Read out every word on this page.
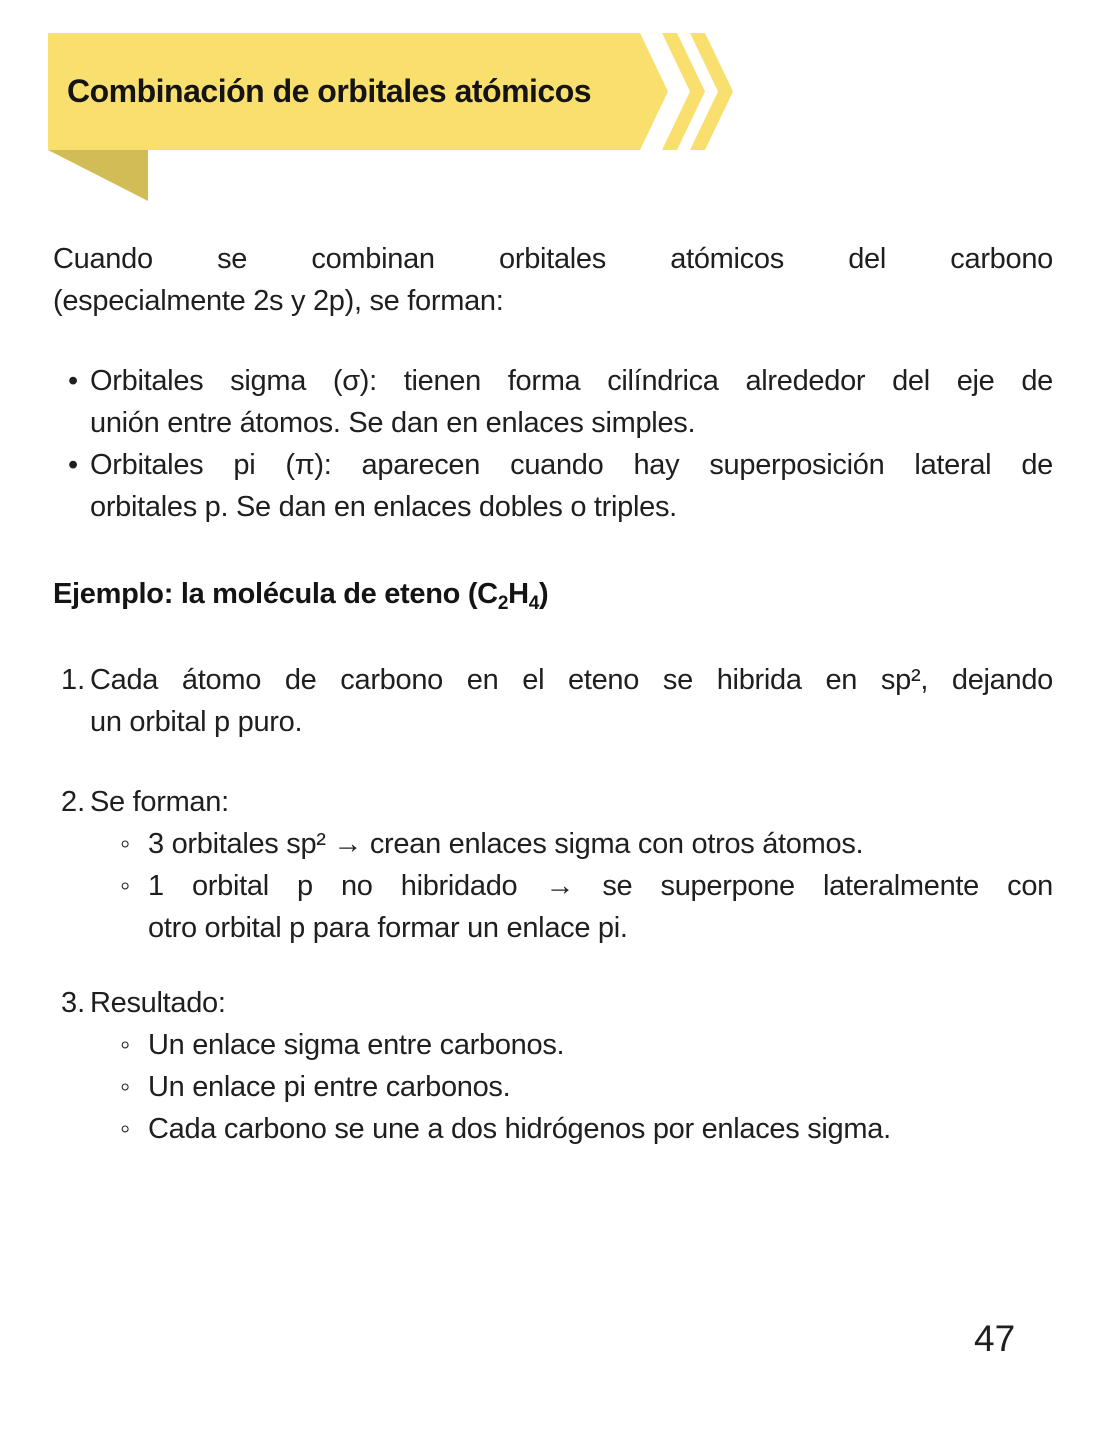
Combinación de orbitales atómicos
Cuando se combinan orbitales atómicos del carbono
(especialmente 2s y 2p), se forman:
• Orbitales sigma (σ): tienen forma cilíndrica alrededor del eje de
unión entre átomos. Se dan en enlaces simples.
• Orbitales pi (π): aparecen cuando hay superposición lateral de
orbitales p. Se dan en enlaces dobles o triples.
Ejemplo: la molécula de eteno $(C_2H_4)$
1. Cada átomo de carbono en el eteno se hibrida en sp², dejando
un orbital p puro.
2. Se forman:
◦ 3 orbitales sp² → crean enlaces sigma con otros átomos.
◦ 1 orbital p no hibridado → se superpone lateralmente con
otro orbital p para formar un enlace pi.
3. Resultado:
◦ Un enlace sigma entre carbonos.
◦ Un enlace pi entre carbonos.
◦ Cada carbono se une a dos hidrógenos por enlaces sigma.
47
